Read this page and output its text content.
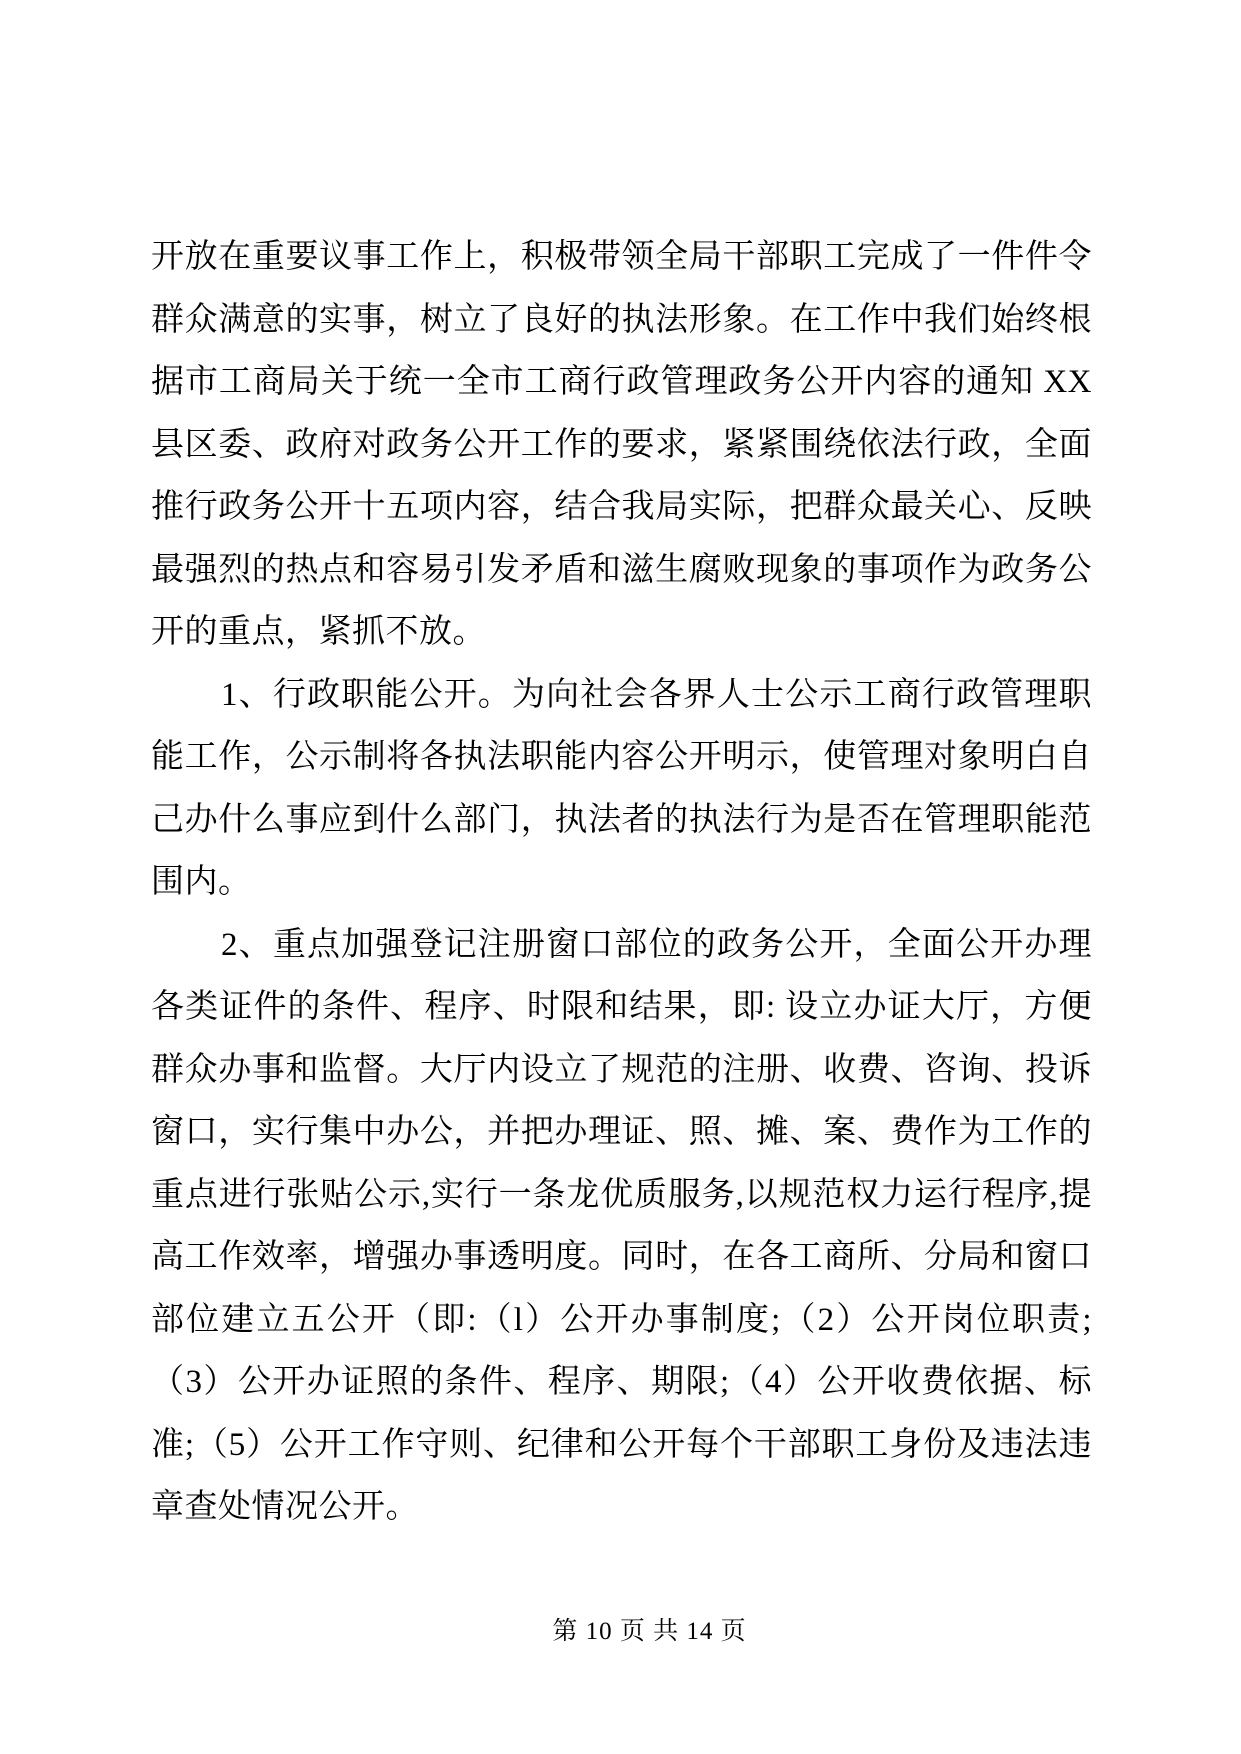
开放在重要议事工作上，积极带领全局干部职工完成了一件件令群众满意的实事，树立了良好的执法形象。在工作中我们始终根据市工商局关于统一全市工商行政管理政务公开内容的通知 XX 县区委、政府对政务公开工作的要求，紧紧围绕依法行政，全面推行政务公开十五项内容，结合我局实际，把群众最关心、反映最强烈的热点和容易引发矛盾和滋生腐败现象的事项作为政务公开的重点，紧抓不放。

1、行政职能公开。为向社会各界人士公示工商行政管理职能工作，公示制将各执法职能内容公开明示，使管理对象明白自己办什么事应到什么部门，执法者的执法行为是否在管理职能范围内。

2、重点加强登记注册窗口部位的政务公开，全面公开办理各类证件的条件、程序、时限和结果，即: 设立办证大厅，方便群众办事和监督。大厅内设立了规范的注册、收费、咨询、投诉窗口，实行集中办公，并把办理证、照、摊、案、费作为工作的重点进行张贴公示,实行一条龙优质服务,以规范权力运行程序,提高工作效率，增强办事透明度。同时，在各工商所、分局和窗口部位建立五公开（即:（l）公开办事制度;（2）公开岗位职责;（3）公开办证照的条件、程序、期限;（4）公开收费依据、标准;（5）公开工作守则、纪律和公开每个干部职工身份及违法违章查处情况公开。

第 10 页 共 14 页
